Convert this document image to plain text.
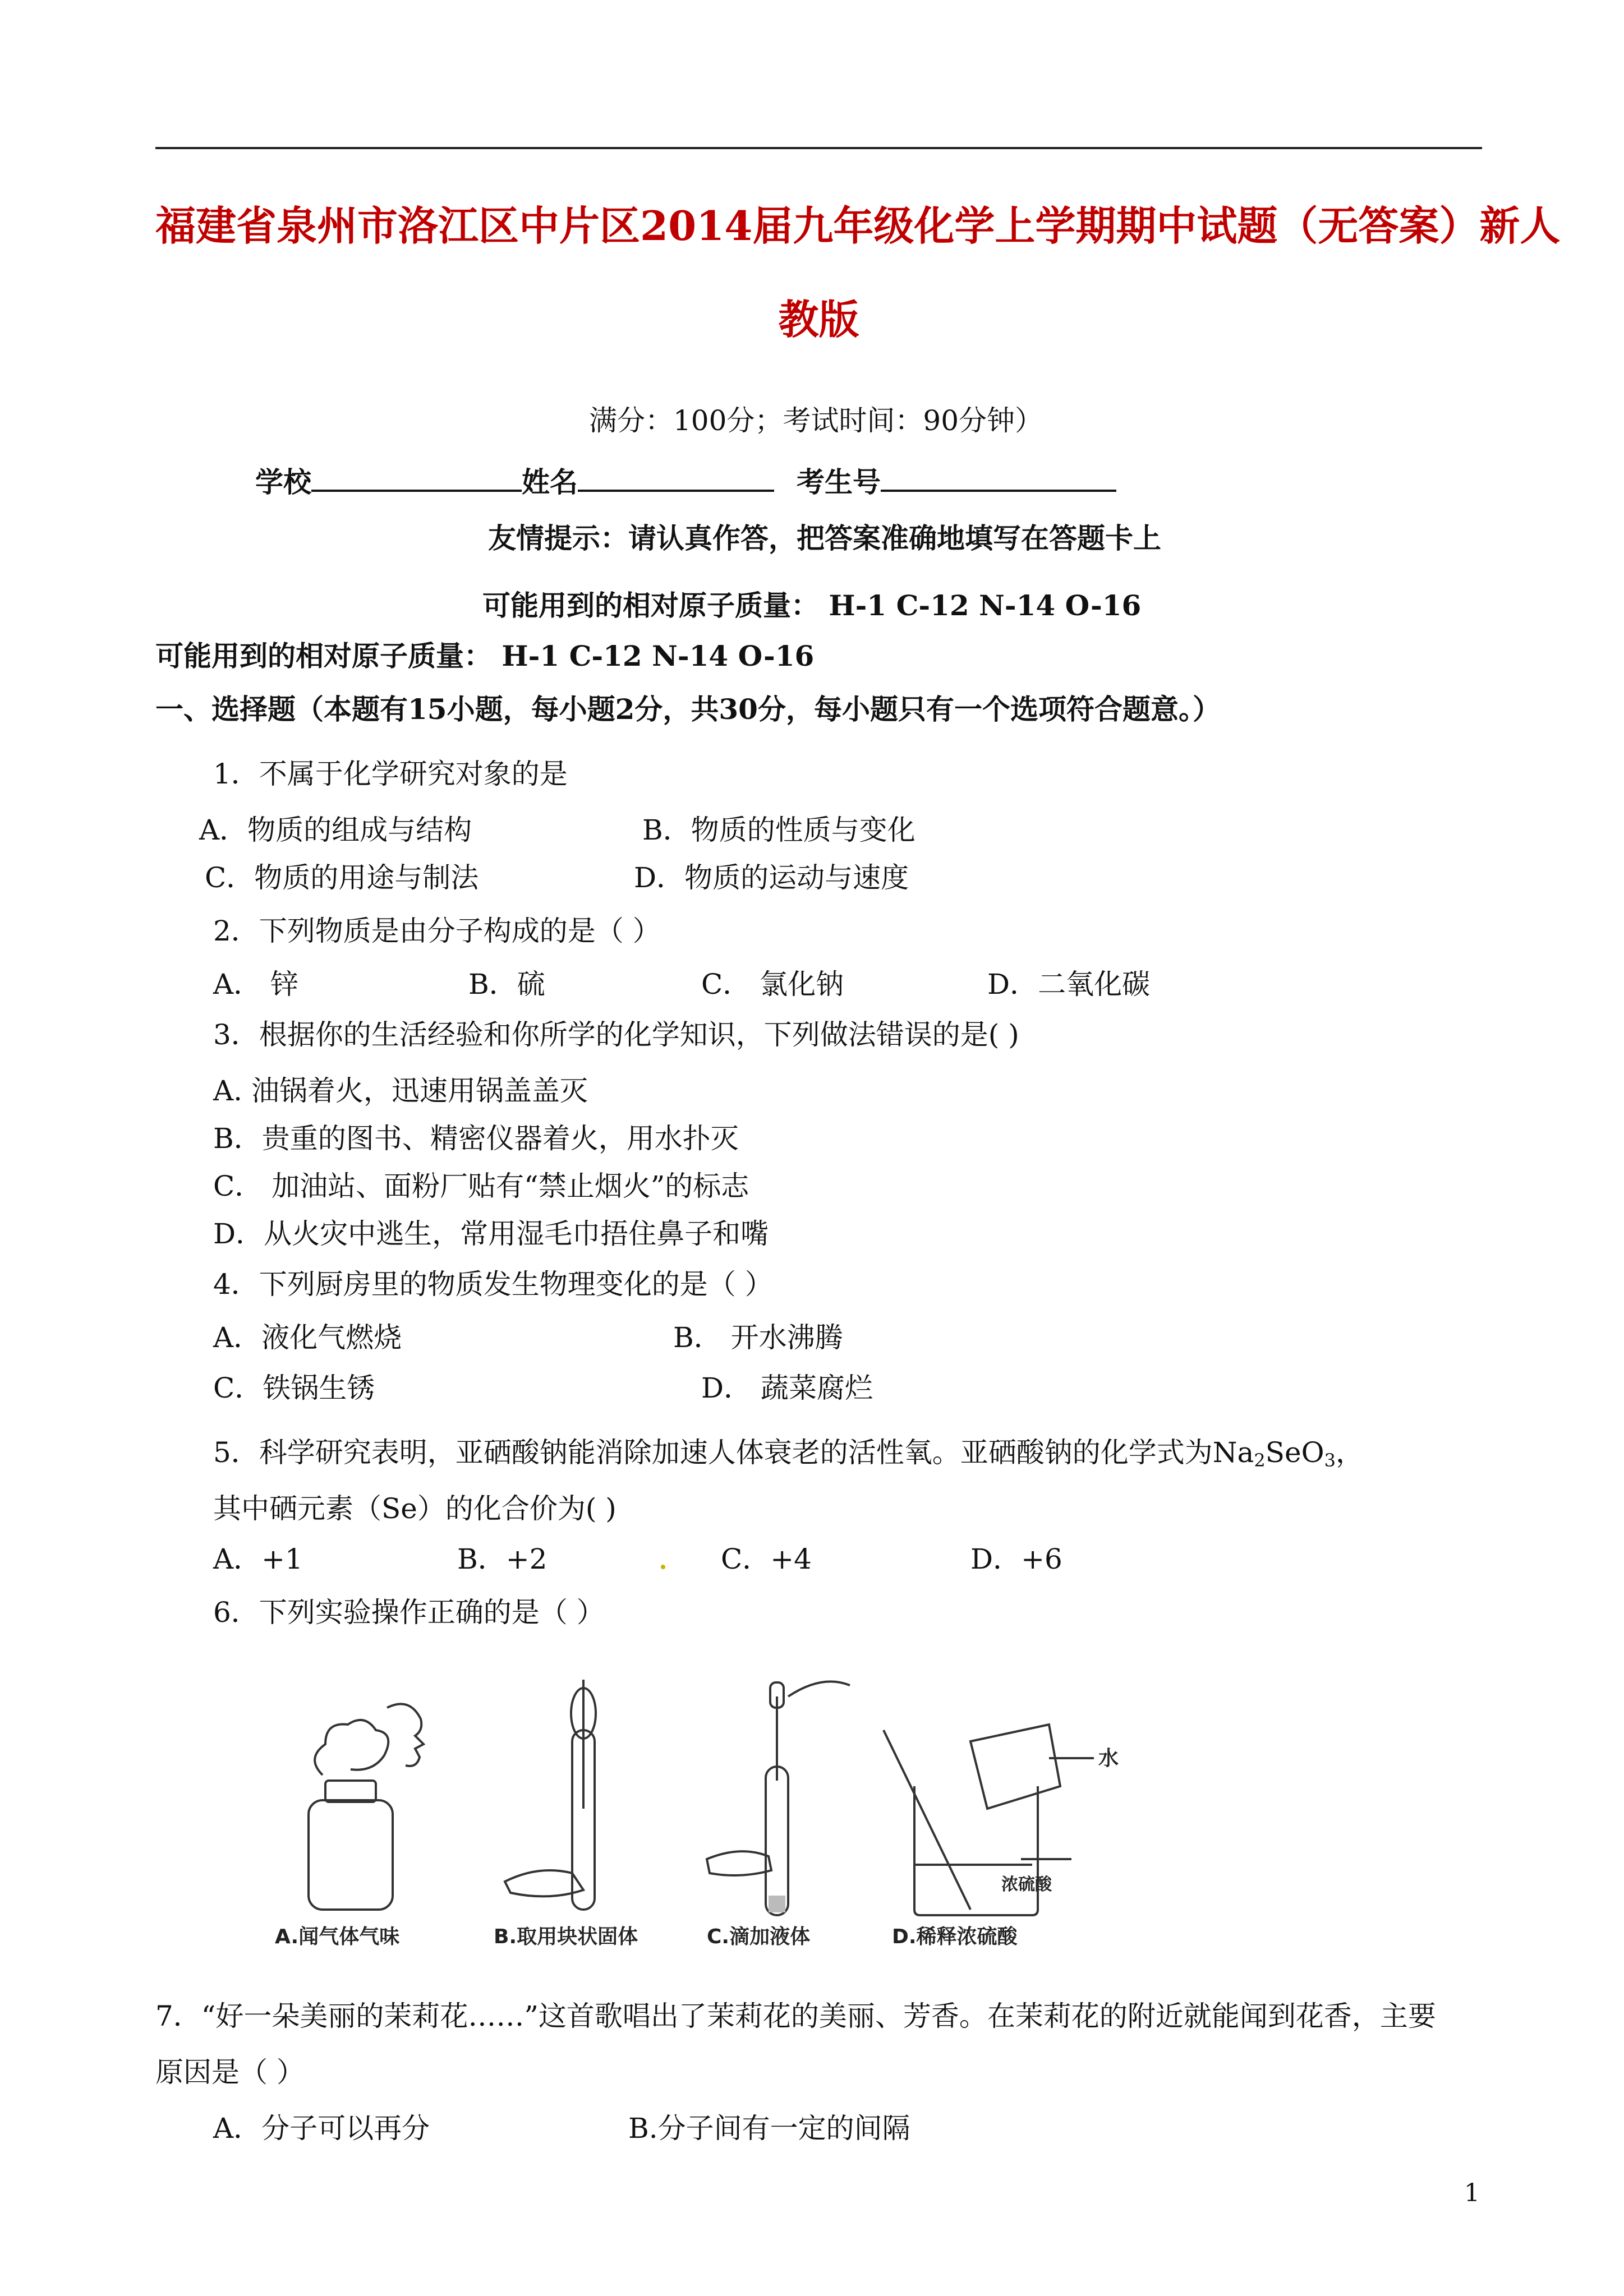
福建省泉州市洛江区中片区2014届九年级化学上学期期中试题（无答案）新人
教版
满分：100分；考试时间：90分钟）
学校	姓名	考生号
友情提示：请认真作答，把答案准确地填写在答题卡上
可能用到的相对原子质量： H-1 C-12 N-14 O-16
可能用到的相对原子质量： H-1 C-12 N-14 O-16
一、选择题（本题有15小题，每小题2分，共30分，每小题只有一个选项符合题意。）
1．不属于化学研究对象的是
A．物质的组成与结构	B．物质的性质与变化
C．物质的用途与制法	D．物质的运动与速度
2．下列物质是由分子构成的是（ ）
A． 锌	B．硫	C． 氯化钠	D．二氧化碳
3．根据你的生活经验和你所学的化学知识，下列做法错误的是( )
A. 油锅着火，迅速用锅盖盖灭
B．贵重的图书、精密仪器着火，用水扑灭
C． 加油站、面粉厂贴有“禁止烟火”的标志
D．从火灾中逃生，常用湿毛巾捂住鼻子和嘴
4．下列厨房里的物质发生物理变化的是（ ）
A．液化气燃烧	B． 开水沸腾
C．铁锅生锈	D． 蔬菜腐烂
5．科学研究表明，亚硒酸钠能消除加速人体衰老的活性氧。亚硒酸钠的化学式为$Na_2SeO_3$，
其中硒元素（Se）的化合价为( )
A．+1	B．+2	C．+4	D．+6
6．下列实验操作正确的是（ ）
水
浓硫酸
A.闻气体气味	B.取用块状固体	C.滴加液体	D.稀释浓硫酸
7．“好一朵美丽的茉莉花……”这首歌唱出了茉莉花的美丽、芳香。在茉莉花的附近就能闻到花香，主要
原因是（ ）
A．分子可以再分	B.分子间有一定的间隔
1
